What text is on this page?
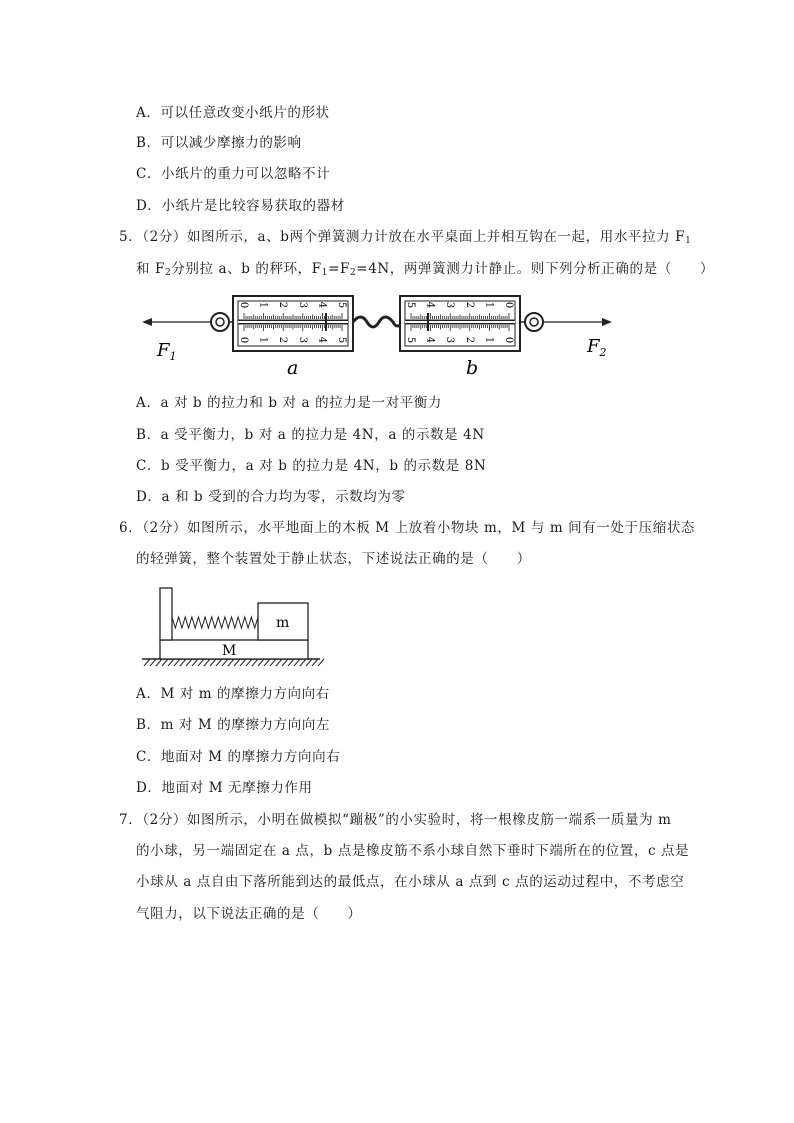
A．可以任意改变小纸片的形状
B．可以减少摩擦力的影响
C．小纸片的重力可以忽略不计
D．小纸片是比较容易获取的器材
5．（2分）如图所示，a、b两个弹簧测力计放在水平桌面上并相互钩在一起，用水平拉力 $F_1$
和 $F_2$分别拉 a、b 的秤环，$F_1=F_2=4N$，两弹簧测力计静止。则下列分析正确的是（　　）
$F_1$	$F_2$
a	b
0
0
1
1
2
2
3
3
4
4
5
5
0
0
1
1
2
2
3
3
4
4
5
5
A．a 对 b 的拉力和 b 对 a 的拉力是一对平衡力
B．a 受平衡力，b 对 a 的拉力是 4N，a 的示数是 4N
C．b 受平衡力，a 对 b 的拉力是 4N，b 的示数是 8N
D．a 和 b 受到的合力均为零，示数均为零
6．（2分）如图所示，水平地面上的木板 M 上放着小物块 m，M 与 m 间有一处于压缩状态
的轻弹簧，整个装置处于静止状态，下述说法正确的是（　　）
m
M
A．M 对 m 的摩擦力方向向右
B．m 对 M 的摩擦力方向向左
C．地面对 M 的摩擦力方向向右
D．地面对 M 无摩擦力作用
7．（2分）如图所示，小明在做模拟“蹦极”的小实验时，将一根橡皮筋一端系一质量为 m
的小球，另一端固定在 a 点，b 点是橡皮筋不系小球自然下垂时下端所在的位置，c 点是
小球从 a 点自由下落所能到达的最低点，在小球从 a 点到 c 点的运动过程中，不考虑空
气阻力，以下说法正确的是（　　）
